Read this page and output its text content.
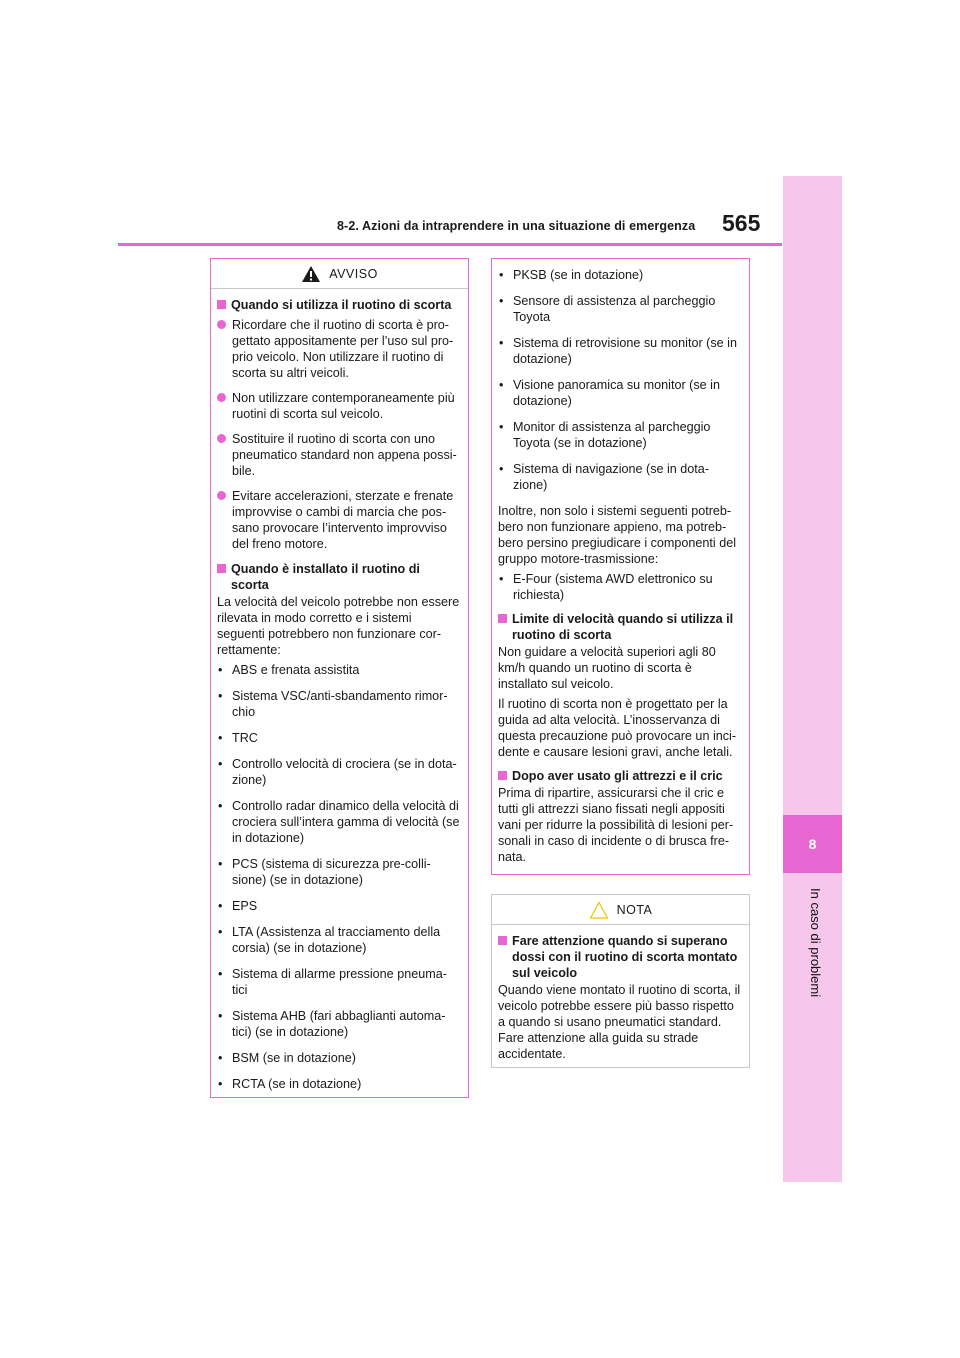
8-2. Azioni da intraprendere in una situazione di emergenza 565
8
In caso di problemi
AVVISO
Quando si utilizza il ruotino di scorta
Ricordare che il ruotino di scorta è pro-gettato appositamente per l’uso sul pro-prio veicolo. Non utilizzare il ruotino di scorta su altri veicoli.
Non utilizzare contemporaneamente più ruotini di scorta sul veicolo.
Sostituire il ruotino di scorta con uno pneumatico standard non appena possi-bile.
Evitare accelerazioni, sterzate e frenate improvvise o cambi di marcia che pos-sano provocare l’intervento improvviso del freno motore.
Quando è installato il ruotino di scorta
La velocità del veicolo potrebbe non essere rilevata in modo corretto e i sistemi seguenti potrebbero non funzionare cor-rettamente:
• ABS e frenata assistita
• Sistema VSC/anti-sbandamento rimor-chio
• TRC
• Controllo velocità di crociera (se in dota-zione)
• Controllo radar dinamico della velocità di crociera sull’intera gamma di velocità (se in dotazione)
• PCS (sistema di sicurezza pre-colli-sione) (se in dotazione)
• EPS
• LTA (Assistenza al tracciamento della corsia) (se in dotazione)
• Sistema di allarme pressione pneuma-tici
• Sistema AHB (fari abbaglianti automa-tici) (se in dotazione)
• BSM (se in dotazione)
• RCTA (se in dotazione)
• PKSB (se in dotazione)
• Sensore di assistenza al parcheggio Toyota
• Sistema di retrovisione su monitor (se in dotazione)
• Visione panoramica su monitor (se in dotazione)
• Monitor di assistenza al parcheggio Toyota (se in dotazione)
• Sistema di navigazione (se in dota-zione)
Inoltre, non solo i sistemi seguenti potreb-bero non funzionare appieno, ma potreb-bero persino pregiudicare i componenti del gruppo motore-trasmissione:
• E-Four (sistema AWD elettronico su richiesta)
Limite di velocità quando si utilizza il ruotino di scorta
Non guidare a velocità superiori agli 80 km/h quando un ruotino di scorta è installato sul veicolo.
Il ruotino di scorta non è progettato per la guida ad alta velocità. L’inosservanza di questa precauzione può provocare un inci-dente e causare lesioni gravi, anche letali.
Dopo aver usato gli attrezzi e il cric
Prima di ripartire, assicurarsi che il cric e tutti gli attrezzi siano fissati negli appositi vani per ridurre la possibilità di lesioni per-sonali in caso di incidente o di brusca fre-nata.
NOTA
Fare attenzione quando si superano dossi con il ruotino di scorta montato sul veicolo
Quando viene montato il ruotino di scorta, il veicolo potrebbe essere più basso rispetto a quando si usano pneumatici standard. Fare attenzione alla guida su strade accidentate.
